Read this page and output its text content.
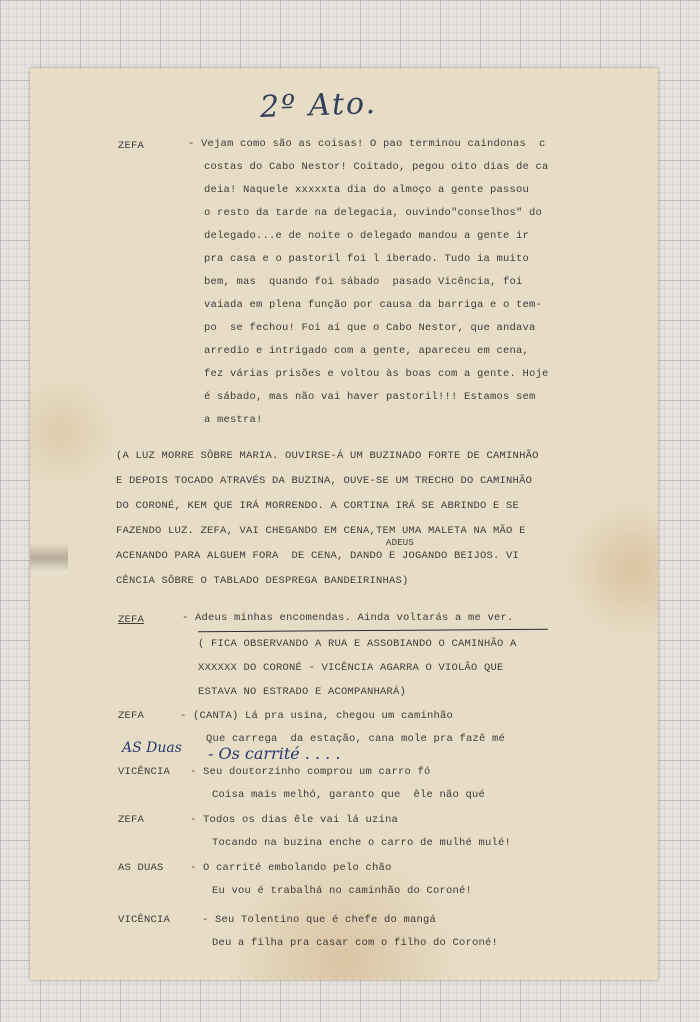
2º Ato.
ZEFA	- Vejam como são as coisas! O pao terminou caindonas  c
costas do Cabo Nestor! Coitado, pegou oito dias de ca
deia! Naquele xxxxxta dia do almoço a gente passou
o resto da tarde na delegacia, ouvindo"conselhos" do
delegado...e de noite o delegado mandou a gente ir
pra casa e o pastoril foi l iberado. Tudo ia muito
bem, mas  quando foi sábado  pasado Vicência, foi
vaiada em plena função por causa da barriga e o tem-
po  se fechou! Foi aí que o Cabo Nestor, que andava
arredio e intrigado com a gente, apareceu em cena,
fez várias prisões e voltou às boas com a gente. Hoje
é sábado, mas não vai haver pastoril!!! Estamos sem
a mestra!
(A LUZ MORRE SÔBRE MARIA. OUVIRSE-Á UM BUZINADO FORTE DE CAMINHÃO
E DEPOIS TOCADO ATRAVÉS DA BUZINA, OUVE-SE UM TRECHO DO CAMINHÃO
DO CORONÉ, KEM QUE IRÁ MORRENDO. A CORTINA IRÁ SE ABRINDO E SE
FAZENDO LUZ. ZEFA, VAI CHEGANDO EM CENA,TEM UMA MALETA NA MÃO E
ADEUS
ACENANDO PARA ALGUEM FORA  DE CENA, DANDO E JOGANDO BEIJOS. VI
CÊNCIA SÔBRE O TABLADO DESPREGA BANDEIRINHAS)
ZEFA	- Adeus minhas encomendas. Ainda voltarás a me ver.
( FICA OBSERVANDO A RUA E ASSOBIANDO O CAMINHÃO A
XXXXXX DO CORONÉ - VICÊNCIA AGARRA O VIOLÃO QUE
ESTAVA NO ESTRADO E ACOMPANHARÁ)
ZEFA	- (CANTA) Lá pra usina, chegou um caminhão
Que carrega  da estação, cana mole pra fazê mé
AS Duas - Os carrité . . . .
VICÊNCIA - Seu doutorzinho comprou um carro fó
Coisa mais melhó, garanto que  êle não qué
ZEFA	- Todos os dias êle vai lá uzina
Tocando na buzina enche o carro de mulhé mulé!
AS DUAS	- O carrité embolando pelo chão
Eu vou é trabalhá no caminhão do Coroné!
VICÊNCIA	- Seu Tolentino que é chefe do mangá
Deu a filha pra casar com o filho do Coroné!
